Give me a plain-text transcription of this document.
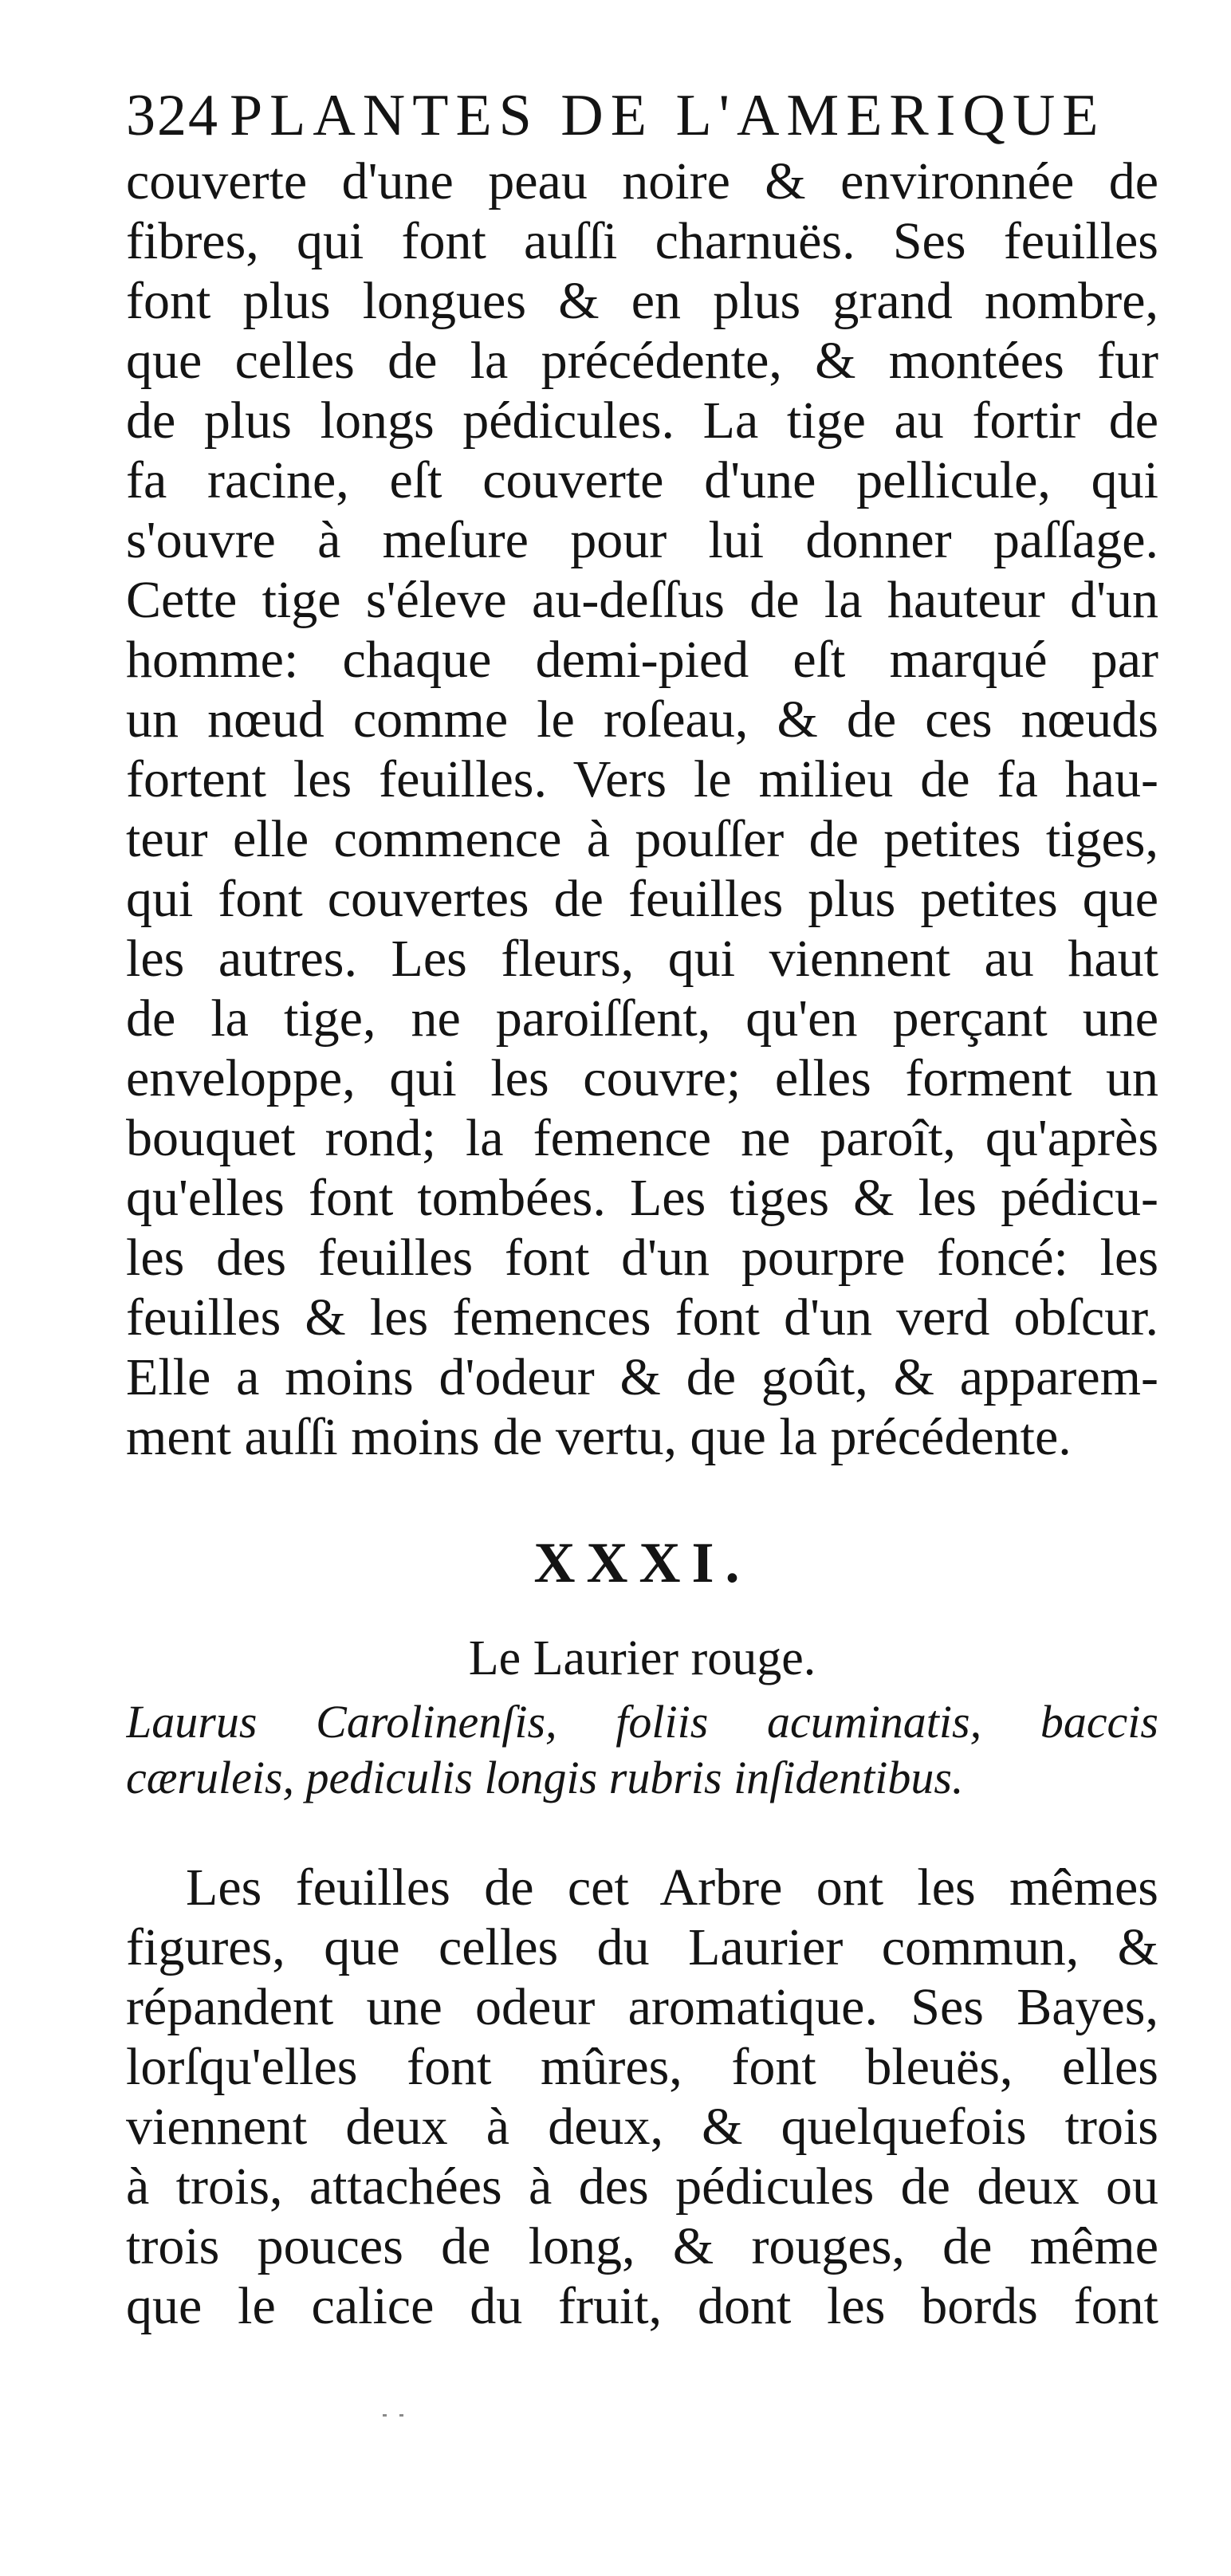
324 PLANTES DE L'AMERIQUE
couverte d'une peau noire & environnée de
fibres, qui font auſſi charnuës. Ses feuilles
font plus longues & en plus grand nombre,
que celles de la précédente, & montées fur
de plus longs pédicules. La tige au fortir de
fa racine, eſt couverte d'une pellicule, qui
s'ouvre à meſure pour lui donner paſſage.
Cette tige s'éleve au-deſſus de la hauteur d'un
homme: chaque demi-pied eſt marqué par
un nœud comme le roſeau, & de ces nœuds
fortent les feuilles. Vers le milieu de fa hau-
teur elle commence à pouſſer de petites tiges,
qui font couvertes de feuilles plus petites que
les autres. Les fleurs, qui viennent au haut
de la tige, ne paroiſſent, qu'en perçant une
enveloppe, qui les couvre; elles forment un
bouquet rond; la femence ne paroît, qu'après
qu'elles font tombées. Les tiges & les pédicu-
les des feuilles font d'un pourpre foncé: les
feuilles & les femences font d'un verd obſcur.
Elle a moins d'odeur & de goût, & apparem-
ment auſſi moins de vertu, que la précédente.
XXXI.
Le Laurier rouge.
Laurus Carolinenſis, foliis acuminatis, baccis
cæruleis, pediculis longis rubris inſidentibus.
Les feuilles de cet Arbre ont les mêmes
figures, que celles du Laurier commun, &
répandent une odeur aromatique. Ses Bayes,
lorſqu'elles font mûres, font bleuës, elles
viennent deux à deux, & quelquefois trois
à trois, attachées à des pédicules de deux ou
trois pouces de long, & rouges, de même
que le calice du fruit, dont les bords font
